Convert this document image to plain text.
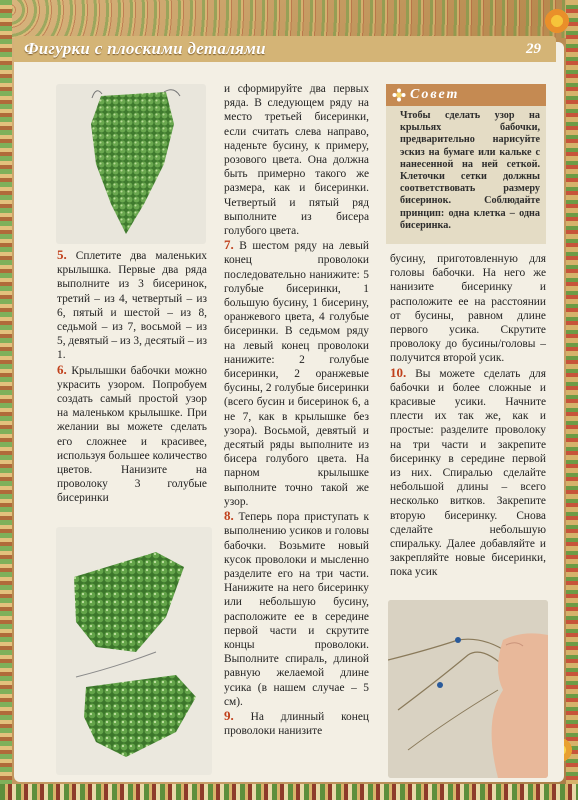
Фигурки с плоскими деталями	29

5. Сплетите два маленьких крылышка. Первые два ряда выполните из 3 бисеринок, третий – из 4, четвертый – из 6, пятый и шестой – из 8, седьмой – из 7, восьмой – из 5, девятый – из 3, десятый – из 1.

6. Крылышки бабочки можно украсить узором. Попробуем создать самый простой узор на маленьком крылышке. При желании вы можете сделать его сложнее и красивее, используя большее количество цветов. Нанизите на проволоку 3 голубые бисеринки

и сформируйте два первых ряда. В следующем ряду на место третьей бисеринки, если считать слева направо, наденьте бусину, к примеру, розового цвета. Она должна быть примерно такого же размера, как и бисеринки. Четвертый и пятый ряд выполните из бисера голубого цвета.

7. В шестом ряду на левый конец проволоки последовательно нанижите: 5 голубые бисеринки, 1 большую бусину, 1 бисерину, оранжевого цвета, 4 голубые бисеринки. В седьмом ряду на левый конец проволоки нанижите: 2 голубые бисеринки, 2 оранжевые бусины, 2 голубые бисеринки (всего бусин и бисеринок 6, а не 7, как в крылышке без узора). Восьмой, девятый и десятый ряды выполните из бисера голубого цвета. На парном крылышке выполните точно такой же узор.

8. Теперь пора приступать к выполнению усиков и головы бабочки. Возьмите новый кусок проволоки и мысленно разделите его на три части. Нанижите на него бисеринку или небольшую бусину, расположите ее в середине первой части и скрутите концы проволоки. Выполните спираль, длиной равную желаемой длине усика (в нашем случае – 5 см).

9. На длинный конец проволоки нанизите

Совет
Чтобы сделать узор на крыльях бабочки, предварительно нарисуйте эскиз на бумаге или кальке с нанесенной на ней сеткой. Клеточки сетки должны соответствовать размеру бисеринок. Соблюдайте принцип: одна клетка – одна бисеринка.

бусину, приготовленную для головы бабочки. На него же нанизите бисеринку и расположите ее на расстоянии от бусины, равном длине первого усика. Скрутите проволоку до бусины/головы – получится второй усик.

10. Вы можете сделать для бабочки и более сложные и красивые усики. Начните плести их так же, как и простые: разделите проволоку на три части и закрепите бисеринку в середине первой из них. Спиралью сделайте небольшой длины – всего несколько витков. Закрепите вторую бисеринку. Снова сделайте небольшую спиральку. Далее добавляйте и закрепляйте новые бисеринки, пока усик
